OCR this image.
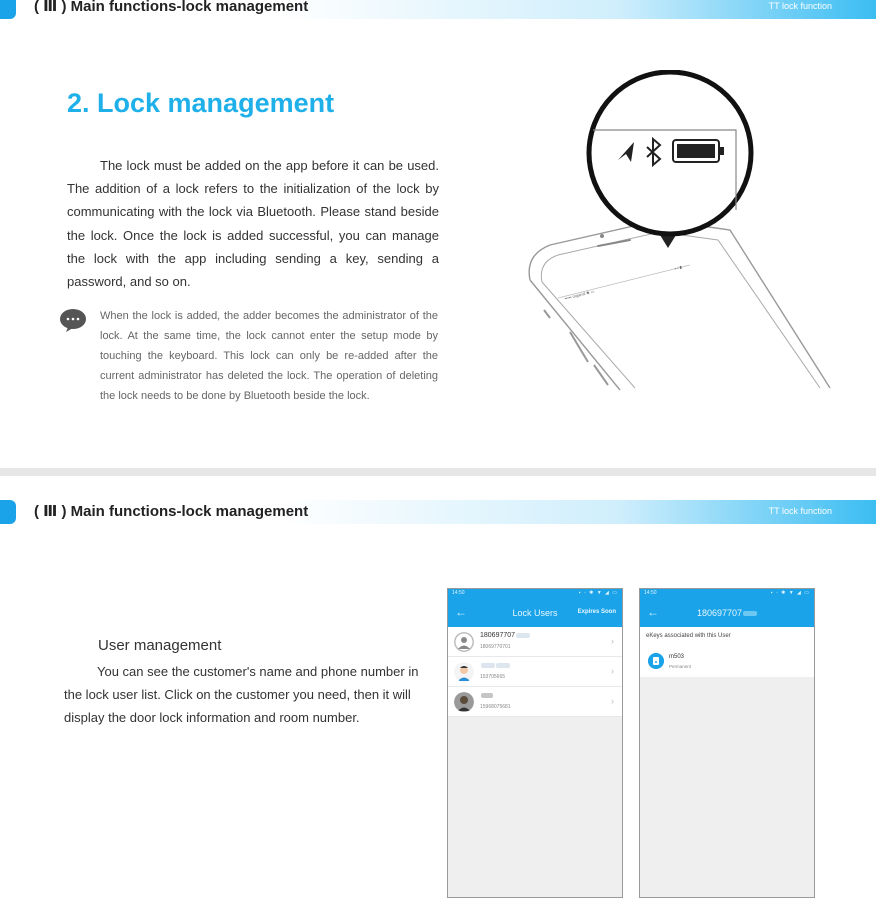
( Ⅲ ) Main functions-lock management	TT lock function
2. Lock management
The lock must be added on the app before it can be used. The addition of a lock refers to the initialization of the lock by communicating with the lock via Bluetooth. Please stand beside the lock. Once the lock is added successful, you can manage the lock with the app including sending a key, sending a password, and so on.
When the lock is added, the adder becomes the administrator of the lock. At the same time, the lock cannot enter the setup mode by touching the keyboard. This lock can only be re-added after the current administrator has deleted the lock. The operation of deleting the lock needs to be done by Bluetooth beside the lock.
••••• orgamil ✱ ▭
▪ ▪ ▮
( Ⅲ ) Main functions-lock management	TT lock function
User management
You can see the customer's name and phone number in the lock user list. Click on the customer you need, then it will display the door lock information and room number.
14:50	▪ ◦ ✱ ▼ ◢ ▭
←	Lock Users	Expires Soon
180697707
18069770701
›
153705665
›
15968075681
›
14:50	▪ ◦ ✱ ▼ ◢ ▭
←	180697707
eKeys associated with this User
m503
Permanent
